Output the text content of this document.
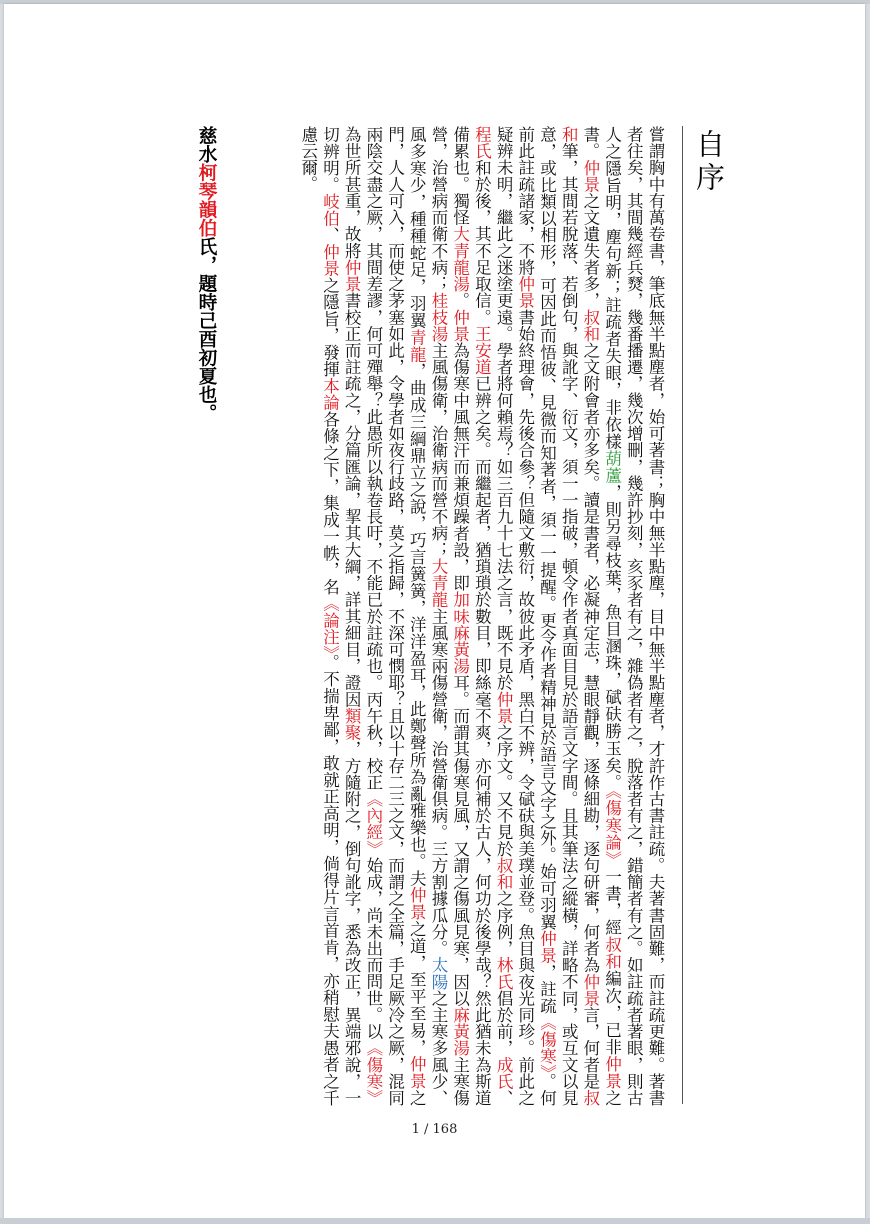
自序
嘗謂胸中有萬卷書，筆底無半點塵者，始可著書；胸中無半點塵，目中無半點塵者，才許作古書註疏。夫著書固難，而註疏更難。著書者往矣，其間幾經兵燹，幾番播遷，幾次增刪，幾許抄刻，亥豕者有之，雜偽者有之，脫落者有之，錯簡者有之。如註疏者著眼，則古人之隱旨明，塵句新；註疏者失眼，非依樣葫蘆，則另尋枝葉，魚目溷珠，碔砆勝玉矣。《傷寒論》一書，經叔和編次，已非仲景之書。仲景之文遺失者多，叔和之文附會者亦多矣。讀是書者，必凝神定志，慧眼靜觀，逐條細勘，逐句研審，何者為仲景言，何者是叔和筆，其間若脫落、若倒句，與訛字、衍文，須一一指破，頓令作者真面目見於語言文字間。且其筆法之縱橫，詳略不同，或互文以見意，或比類以相形，可因此而悟彼、見微而知著者，須一一提醒。更令作者精神見於語言文字之外。始可羽翼仲景，註疏《傷寒》。何前此註疏諸家，不將仲景書始終理會，先後合參？但隨文敷衍，故彼此矛盾，黑白不辨，令碔砆與美璞並登。魚目與夜光同珍。前此之疑辨未明，繼此之迷塗更遠。學者將何賴焉？如三百九十七法之言，既不見於仲景之序文。又不見於叔和之序例，林氏倡於前，成氏、程氏和於後，其不足取信。王安道已辨之矣。而繼起者，猶瑣瑣於數目，即絲毫不爽，亦何補於古人，何功於後學哉？然此猶未為斯道備累也。獨怪大青龍湯。仲景為傷寒中風無汗而兼煩躁者設，即加味麻黃湯耳。而謂其傷寒見風，又謂之傷風見寒，因以麻黃湯主寒傷營，治營病而衛不病；桂枝湯主風傷衛，治衛病而營不病；大青龍主風寒兩傷營衛，治營衛俱病。三方割據瓜分。太陽之主寒多風少、風多寒少，種種蛇足，羽翼青龍，曲成三綱鼎立之說，巧言簧簧，洋洋盈耳，此鄭聲所為亂雅樂也。夫仲景之道，至平至易，仲景之門，人人可入，而使之茅塞如此，令學者如夜行歧路，莫之指歸，不深可憫耶？且以十存二三之文，而謂之全篇，手足厥冷之厥，混同兩陰交盡之厥，其間差謬，何可殫舉？此愚所以執卷長吁，不能已於註疏也。丙午秋，校正《內經》始成，尚未出而問世。以《傷寒》為世所甚重，故將仲景書校正而註疏之，分篇匯論，挈其大綱，詳其細目，證因類聚，方隨附之，倒句訛字，悉為改正，異端邪說，一切辨明。岐伯、仲景之隱旨，發揮本論各條之下，集成一帙，名《論注》。不揣卑鄙，敢就正高明，倘得片言首肯，亦稍慰夫愚者之千慮云爾。
慈水柯琴韻伯氏，題時己酉初夏也。
1 / 168
